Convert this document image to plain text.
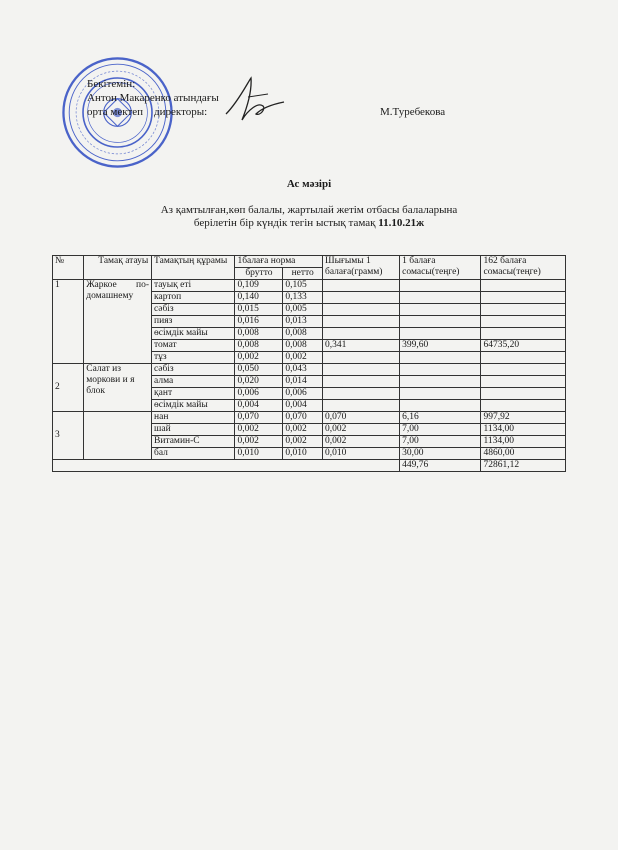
Бекітемін:
Антон Макаренко атындағы
орта мектеп    директоры:	М.Туребекова
Ас мәзірі
Аз қамтылған,көп балалы, жартылай жетім отбасы балаларына
берілетін бір күндік тегін ыстық тамақ 11.10.21ж
№	Тамақ атауы	Тамақтың құрамы	1балаға норма		Шығымы 1 балаға(грамм)	1 балаға сомасы(теңге)	162 балаға сомасы(теңге)
			брутто	нетто			
1	Жаркое по-домашнему	тауық еті	0,109	0,105			
		картоп	0,140	0,133			
		сәбіз	0,015	0,005			
		пияз	0,016	0,013			
		өсімдік майы	0,008	0,008			
		томат	0,008	0,008	0,341	399,60	64735,20
		тұз	0,002	0,002			
2	Салат из моркови и я блок	сәбіз	0,050	0,043			
		алма	0,020	0,014			
		қант	0,006	0,006			
		өсімдік майы	0,004	0,004			
3		нан	0,070	0,070	0,070	6,16	997,92
		шай	0,002	0,002	0,002	7,00	1134,00
		Витамин-С	0,002	0,002	0,002	7,00	1134,00
		бал	0,010	0,010	0,010	30,00	4860,00
						449,76	72861,12
